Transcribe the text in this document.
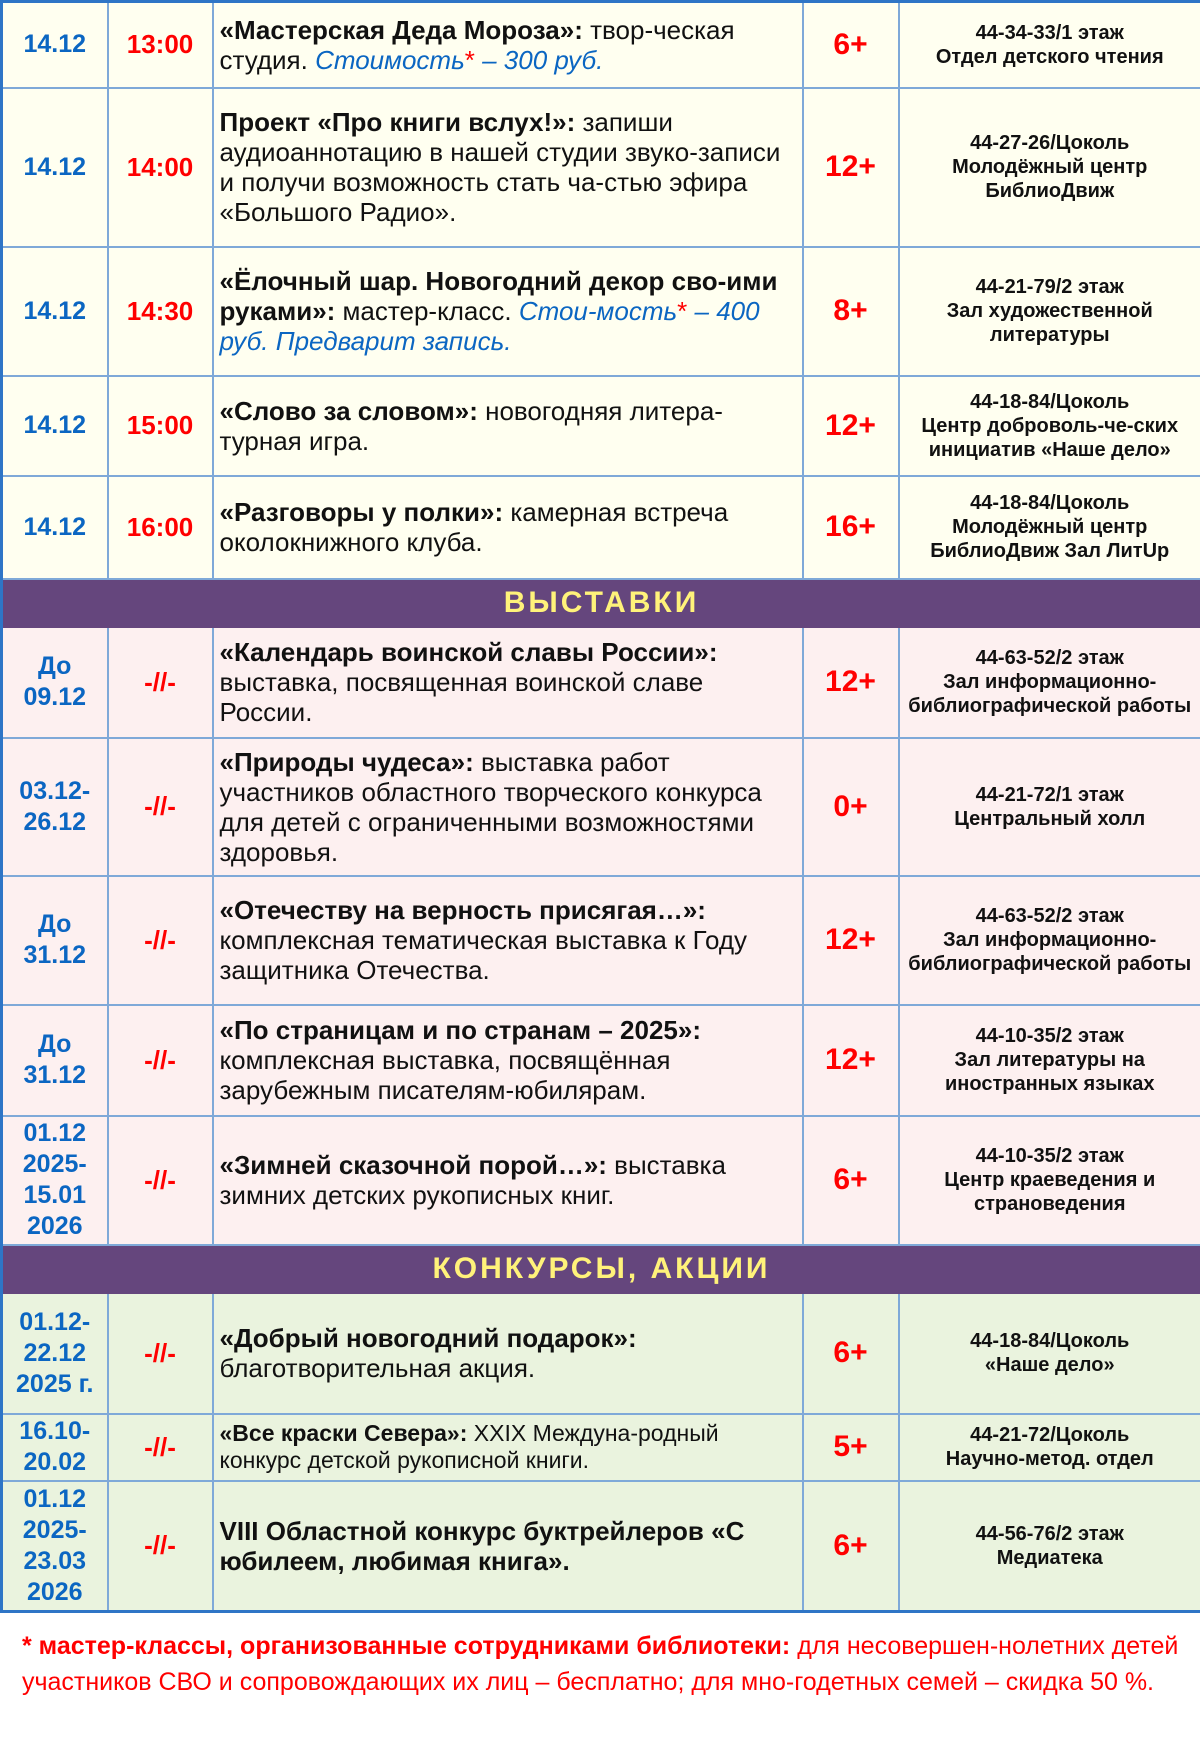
14.12	13:00	«Мастерская Деда Мороза»: твор-ческая студия. Стоимость* – 300 руб.	6+	44-34-33/1 этаж
Отдел детского чтения

14.12	14:00	Проект «Про книги вслух!»: запиши аудиоаннотацию в нашей студии звуко-записи и получи возможность стать ча-стью эфира «Большого Радио».	12+	44-27-26/Цоколь
Молодёжный центр БиблиоДвиж

14.12	14:30	«Ёлочный шар. Новогодний декор сво-ими руками»: мастер-класс. Стои-мость* – 400 руб. Предварит запись.	8+	44-21-79/2 этаж
Зал художественной литературы

14.12	15:00	«Слово за словом»: новогодняя литера-турная игра.	12+	44-18-84/Цоколь
Центр доброволь-че-ских инициатив «Наше дело»

14.12	16:00	«Разговоры у полки»: камерная встреча околокнижного клуба.	16+	44-18-84/Цоколь
Молодёжный центр БиблиоДвиж Зал ЛитUp

ВЫСТАВКИ				
До 09.12	-//-	«Календарь воинской славы России»: выставка, посвященная воинской славе России.	12+	44-63-52/2 этаж
Зал информационно-библиографической работы

03.12-26.12	-//-	«Природы чудеса»: выставка работ участников областного творческого конкурса для детей с ограниченными возможностями здоровья.	0+	44-21-72/1 этаж
Центральный холл

До 31.12	-//-	«Отечеству на верность присягая…»: комплексная тематическая выставка к Году защитника Отечества.	12+	44-63-52/2 этаж
Зал информационно-библиографической работы

До 31.12	-//-	«По страницам и по странам – 2025»: комплексная выставка, посвящённая зарубежным писателям-юбилярам.	12+	44-10-35/2 этаж
Зал литературы на иностранных языках

01.12 2025-15.01 2026	-//-	«Зимней сказочной порой…»: выставка зимних детских рукописных книг.	6+	44-10-35/2 этаж
Центр краеведения и страноведения

КОНКУРСЫ, АКЦИИ				
01.12-22.12 2025 г.	-//-	«Добрый новогодний подарок»: благотворительная акция.	6+	44-18-84/Цоколь
«Наше дело»

16.10-20.02	-//-	«Все краски Севера»: XXIX Междуна-родный конкурс детской рукописной книги.	5+	44-21-72/Цоколь
Научно-метод. отдел

01.12 2025-23.03 2026	-//-	VIII Областной конкурс буктрейлеров «С юбилеем, любимая книга».	6+	44-56-76/2 этаж
Медиатека
* мастер-классы, организованные сотрудниками библиотеки: для несовершен-нолетних детей участников СВО и сопровождающих их лиц – бесплатно; для мно-годетных семей – скидка 50 %.
